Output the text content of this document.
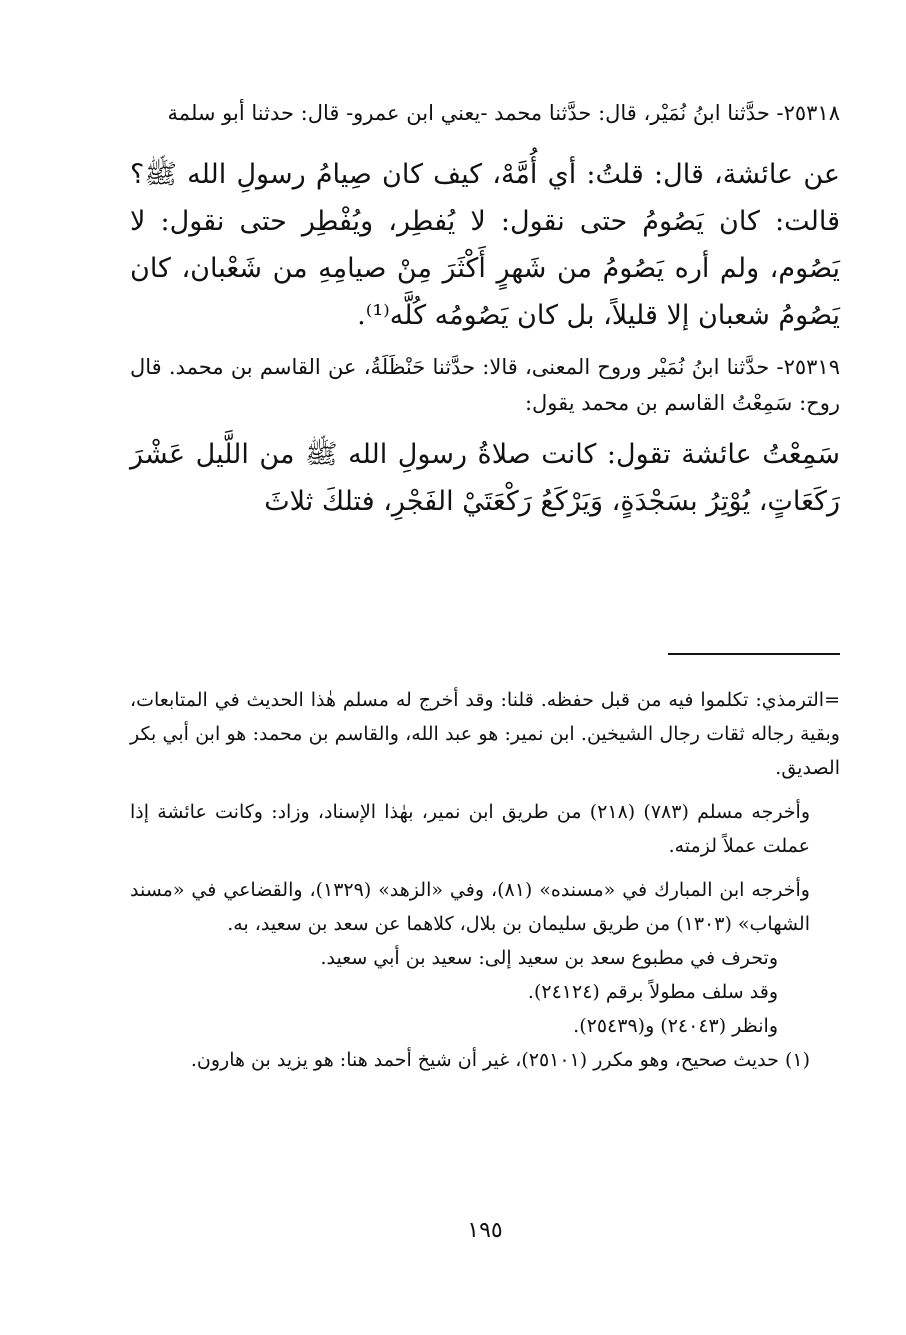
٢٥٣١٨- حدَّثنا ابنُ نُمَيْر، قال: حدَّثنا محمد -يعني ابن عمرو- قال: حدثنا أبو سلمة

عن عائشة، قال: قلتُ: أي أُمَّهْ، كيف كان صِيامُ رسولِ الله ﷺ؟ قالت: كان يَصُومُ حتى نقول: لا يُفطِر، ويُفْطِر حتى نقول: لا يَصُوم، ولم أره يَصُومُ من شَهرٍ أَكْثَرَ مِنْ صيامِهِ من شَعْبان، كان يَصُومُ شعبان إلا قليلاً، بل كان يَصُومُه كُلَّه⁽¹⁾.

٢٥٣١٩- حدَّثنا ابنُ نُمَيْر وروح المعنى، قالا: حدَّثنا حَنْظَلَةُ، عن القاسم بن محمد. قال روح: سَمِعْتُ القاسم بن محمد يقول:

سَمِعْتُ عائشة تقول: كانت صلاةُ رسولِ الله ﷺ من اللَّيل عَشْرَ رَكَعَاتٍ، يُوْتِرُ بسَجْدَةٍ، وَيَرْكَعُ رَكْعَتَيْ الفَجْرِ، فتلكَ ثلاثَ

=الترمذي: تكلموا فيه من قبل حفظه. قلنا: وقد أخرج له مسلم هٰذا الحديث في المتابعات، وبقية رجاله ثقات رجال الشيخين. ابن نمير: هو عبد الله، والقاسم بن محمد: هو ابن أبي بكر الصديق.

وأخرجه مسلم (٧٨٣) (٢١٨) من طريق ابن نمير، بهٰذا الإسناد، وزاد: وكانت عائشة إذا عملت عملاً لزمته.

وأخرجه ابن المبارك في «مسنده» (٨١)، وفي «الزهد» (١٣٢٩)، والقضاعي في «مسند الشهاب» (١٣٠٣) من طريق سليمان بن بلال، كلاهما عن سعد بن سعيد، به.

وتحرف في مطبوع سعد بن سعيد إلى: سعيد بن أبي سعيد.

وقد سلف مطولاً برقم (٢٤١٢٤).

وانظر (٢٤٠٤٣) و(٢٥٤٣٩).

(١) حديث صحيح، وهو مكرر (٢٥١٠١)، غير أن شيخ أحمد هنا: هو يزيد بن هارون.

١٩٥
